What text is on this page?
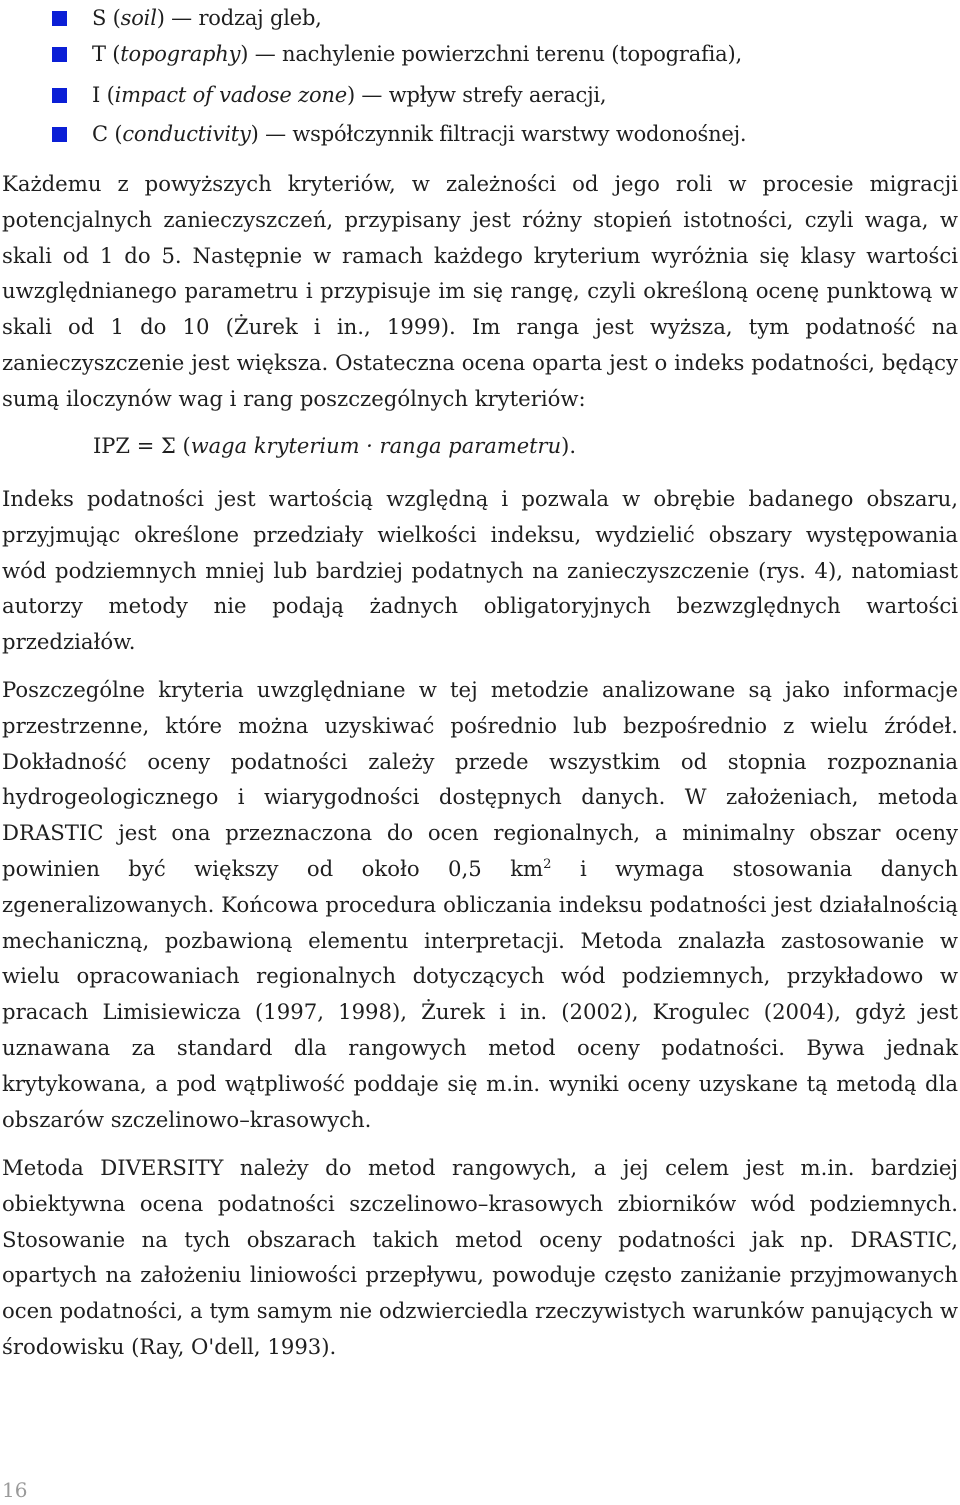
S (soil) — rodzaj gleb,
T (topography) — nachylenie powierzchni terenu (topografia),
I (impact of vadose zone) — wpływ strefy aeracji,
C (conductivity) — współczynnik filtracji warstwy wodonośnej.

Każdemu z powyższych kryteriów, w zależności od jego roli w procesie migracji potencjalnych zanieczyszczeń, przypisany jest różny stopień istotności, czyli waga, w skali od 1 do 5. Następnie w ramach każdego kryterium wyróżnia się klasy wartości uwzględnianego parametru i przypisuje im się rangę, czyli określoną ocenę punktową w skali od 1 do 10 (Żurek i in., 1999). Im ranga jest wyższa, tym podatność na zanieczyszczenie jest większa. Ostateczna ocena oparta jest o indeks podatności, będący sumą iloczynów wag i rang poszczególnych kryteriów:

IPZ = Σ (waga kryterium · ranga parametru).

Indeks podatności jest wartością względną i pozwala w obrębie badanego obszaru, przyjmując określone przedziały wielkości indeksu, wydzielić obszary występowania wód podziemnych mniej lub bardziej podatnych na zanieczyszczenie (rys. 4), natomiast autorzy metody nie podają żadnych obligatoryjnych bezwzględnych wartości przedziałów.

Poszczególne kryteria uwzględniane w tej metodzie analizowane są jako informacje przestrzenne, które można uzyskiwać pośrednio lub bezpośrednio z wielu źródeł. Dokładność oceny podatności zależy przede wszystkim od stopnia rozpoznania hydrogeologicznego i wiarygodności dostępnych danych. W założeniach, metoda DRASTIC jest ona przeznaczona do ocen regionalnych, a minimalny obszar oceny powinien być większy od około 0,5 $km^2$ i wymaga stosowania danych zgeneralizowanych. Końcowa procedura obliczania indeksu podatności jest działalnością mechaniczną, pozbawioną elementu interpretacji. Metoda znalazła zastosowanie w wielu opracowaniach regionalnych dotyczących wód podziemnych, przykładowo w pracach Limisiewicza (1997, 1998), Żurek i in. (2002), Krogulec (2004), gdyż jest uznawana za standard dla rangowych metod oceny podatności. Bywa jednak krytykowana, a pod wątpliwość poddaje się m.in. wyniki oceny uzyskane tą metodą dla obszarów szczelinowo–krasowych.

Metoda DIVERSITY należy do metod rangowych, a jej celem jest m.in. bardziej obiektywna ocena podatności szczelinowo–krasowych zbiorników wód podziemnych. Stosowanie na tych obszarach takich metod oceny podatności jak np. DRASTIC, opartych na założeniu liniowości przepływu, powoduje często zaniżanie przyjmowanych ocen podatności, a tym samym nie odzwierciedla rzeczywistych warunków panujących w środowisku (Ray, O'dell, 1993).

16
